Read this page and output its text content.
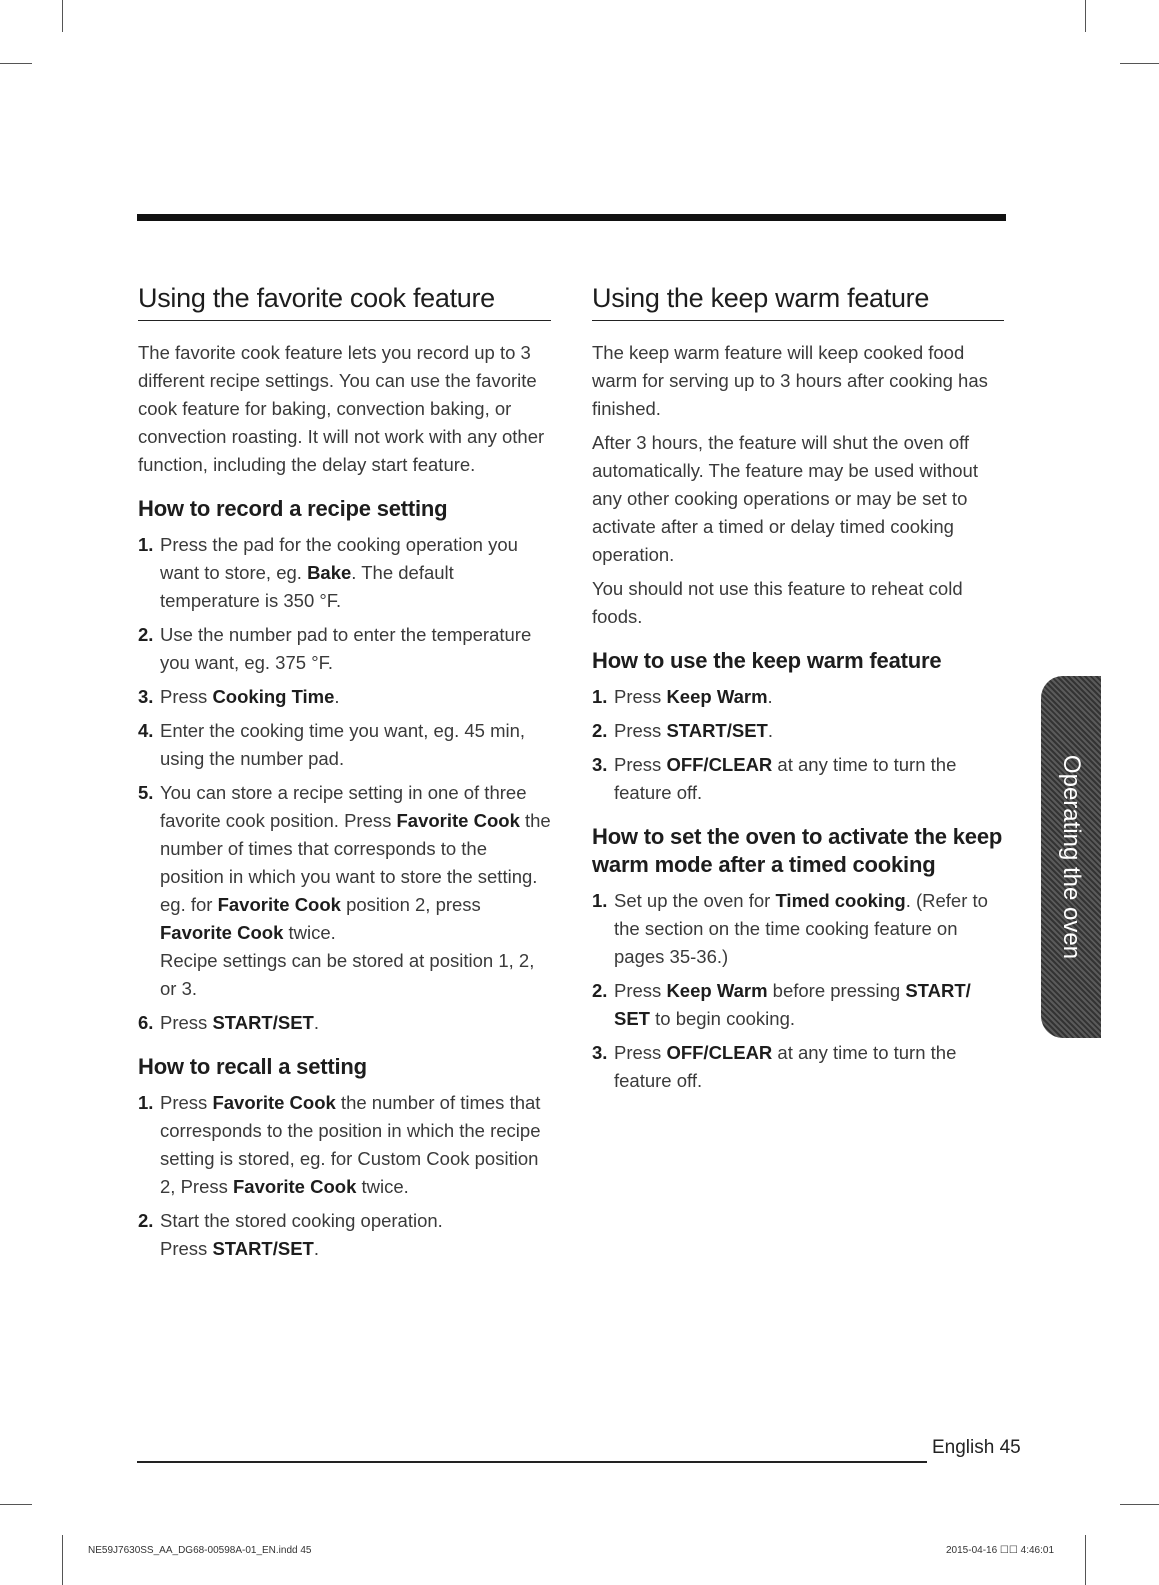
Using the favorite cook feature

The favorite cook feature lets you record up to 3 different recipe settings. You can use the favorite cook feature for baking, convection baking, or convection roasting. It will not work with any other function, including the delay start feature.

How to record a recipe setting
1. Press the pad for the cooking operation you want to store, eg. Bake. The default temperature is 350 °F.
2. Use the number pad to enter the temperature you want, eg. 375 °F.
3. Press Cooking Time.
4. Enter the cooking time you want, eg. 45 min, using the number pad.
5. You can store a recipe setting in one of three favorite cook position. Press Favorite Cook the number of times that corresponds to the position in which you want to store the setting.
eg. for Favorite Cook position 2, press Favorite Cook twice.
Recipe settings can be stored at position 1, 2, or 3.
6. Press START/SET.
How to recall a setting
1. Press Favorite Cook the number of times that corresponds to the position in which the recipe setting is stored, eg. for Custom Cook position 2, Press Favorite Cook twice.
2. Start the stored cooking operation.
Press START/SET.
Using the keep warm feature

The keep warm feature will keep cooked food warm for serving up to 3 hours after cooking has finished.

After 3 hours, the feature will shut the oven off automatically. The feature may be used without any other cooking operations or may be set to activate after a timed or delay timed cooking operation.

You should not use this feature to reheat cold foods.

How to use the keep warm feature
1. Press Keep Warm.
2. Press START/SET.
3. Press OFF/CLEAR at any time to turn the feature off.
How to set the oven to activate the keep warm mode after a timed cooking
1. Set up the oven for Timed cooking. (Refer to the section on the time cooking feature on pages 35-36.)
2. Press Keep Warm before pressing START/ SET to begin cooking.
3. Press OFF/CLEAR at any time to turn the feature off.
Operating the oven
English 45
NE59J7630SS_AA_DG68-00598A-01_EN.indd 45	2015-04-16 ☐☐ 4:46:01
